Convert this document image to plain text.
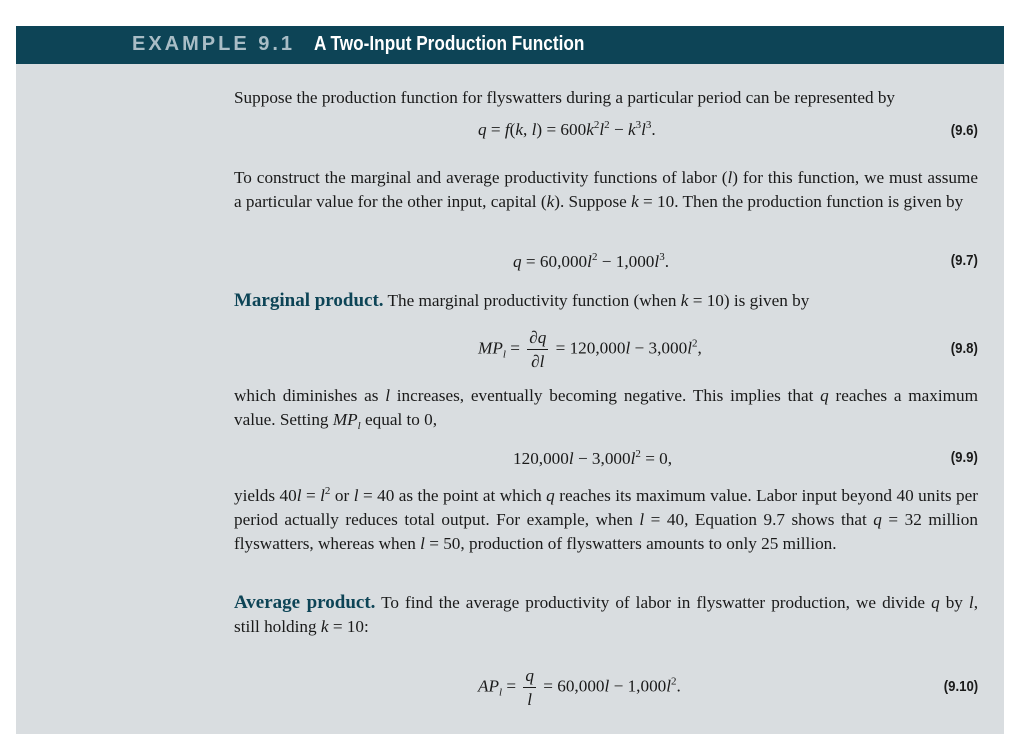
EXAMPLE 9.1 A Two-Input Production Function
Suppose the production function for flyswatters during a particular period can be represented by
q = f(k, $l) = 600k^2l^2 - k^3l^3$.	(9.6)
To construct the marginal and average productivity functions of labor (l) for this function, we must assume a particular value for the other input, capital (k). Suppose k = 10. Then the production function is given by
$q = 60,000l^2 - 1,000l^3$.	(9.7)
Marginal product. The marginal productivity function (when k = 10) is given by
$MP_l = \frac{\partial q}{\partial l} = 120,000l - 3,000l^2$,	(9.8)
which diminishes as l increases, eventually becoming negative. This implies that q reaches a maximum value. Setting $MP_l$ equal to 0,
$120,000l - 3,000l^2 = 0$,	(9.9)
yields $40l = l^2$ or l = 40 as the point at which q reaches its maximum value. Labor input beyond 40 units per period actually reduces total output. For example, when l = 40, Equation 9.7 shows that q = 32 million flyswatters, whereas when l = 50, production of flyswatters amounts to only 25 million.
Average product. To find the average productivity of labor in flyswatter production, we divide q by l, still holding k = 10:
$AP_l = \frac{q}{l} = 60,000l - 1,000l^2$.	(9.10)
